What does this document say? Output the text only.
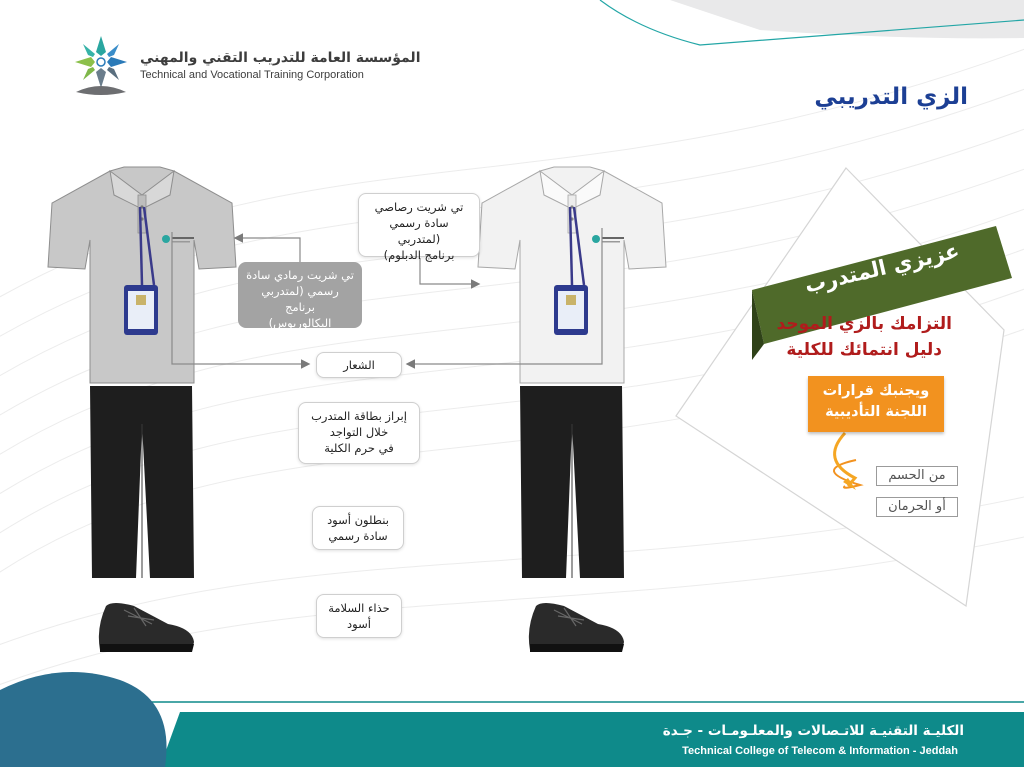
المؤسسة العامة للتدريب التقني والمهني
Technical and Vocational Training Corporation
الزي التدريبي
تي شريت رصاصي
سادة رسمي (لمتدربي
برنامج الدبلوم)
تي شريت رمادي سادة
رسمي (لمتدربي برنامج
البكالوريوس)
الشعار
إبراز بطاقة المتدرب
خلال التواجد
في حرم الكلية
بنطلون أسود
سادة رسمي
حذاء السلامة
أسود
عزيزي المتدرب
التزامك بالزي الموحد
دليل انتمائك للكلية
ويجنبك قرارات
اللجنة التأديبية
من الحسم
أو الحرمان
الكليـة التقنيـة للاتـصالات والمعلـومـات - جـدة
Technical College of Telecom & Information - Jeddah
